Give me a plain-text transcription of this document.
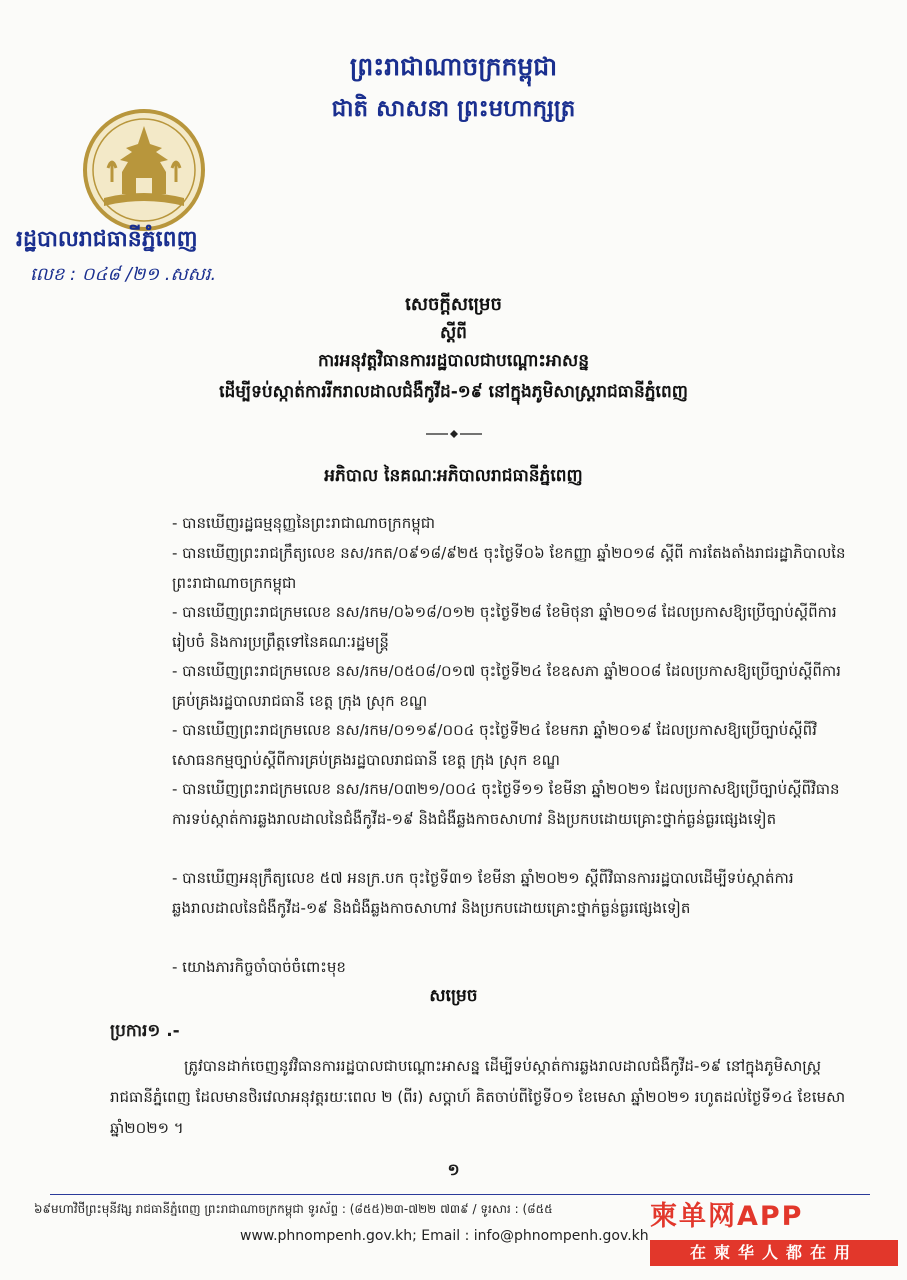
ព្រះរាជាណាចក្រកម្ពុជា
ជាតិ សាសនា ព្រះមហាក្សត្រ
រដ្ឋបាលរាជធានីភ្នំពេញ
លេខ : ០៤៨ /២១ .សសរ.
សេចក្ដីសម្រេច
ស្ដីពី
ការអនុវត្តវិធានការរដ្ឋបាលជាបណ្ដោះអាសន្ន
ដើម្បីទប់ស្កាត់ការរីករាលដាលជំងឺកូវីដ-១៩ នៅក្នុងភូមិសាស្ត្ររាជធានីភ្នំពេញ
អភិបាល នៃគណៈអភិបាលរាជធានីភ្នំពេញ
- បានឃើញរដ្ឋធម្មនុញ្ញនៃព្រះរាជាណាចក្រកម្ពុជា
- បានឃើញព្រះរាជក្រឹត្យលេខ នស/រកត/០៩១៨/៩២៥ ចុះថ្ងៃទី០៦ ខែកញ្ញា ឆ្នាំ២០១៨ ស្ដីពី ការតែងតាំងរាជរដ្ឋាភិបាលនៃព្រះរាជាណាចក្រកម្ពុជា
- បានឃើញព្រះរាជក្រមលេខ នស/រកម/០៦១៨/០១២ ចុះថ្ងៃទី២៨ ខែមិថុនា ឆ្នាំ២០១៨ ដែលប្រកាសឱ្យប្រើច្បាប់ស្ដីពីការរៀបចំ និងការប្រព្រឹត្តទៅនៃគណៈរដ្ឋមន្ត្រី
- បានឃើញព្រះរាជក្រមលេខ នស/រកម/០៥០៨/០១៧ ចុះថ្ងៃទី២៤ ខែឧសភា ឆ្នាំ២០០៨ ដែលប្រកាសឱ្យប្រើច្បាប់ស្ដីពីការគ្រប់គ្រងរដ្ឋបាលរាជធានី ខេត្ត ក្រុង ស្រុក ខណ្ឌ
- បានឃើញព្រះរាជក្រមលេខ នស/រកម/០១១៩/០០៤ ចុះថ្ងៃទី២៤ ខែមករា ឆ្នាំ២០១៩ ដែលប្រកាសឱ្យប្រើច្បាប់ស្ដីពីវិសោធនកម្មច្បាប់ស្ដីពីការគ្រប់គ្រងរដ្ឋបាលរាជធានី ខេត្ត ក្រុង ស្រុក ខណ្ឌ
- បានឃើញព្រះរាជក្រមលេខ នស/រកម/០៣២១/០០៤ ចុះថ្ងៃទី១១ ខែមីនា ឆ្នាំ២០២១ ដែលប្រកាសឱ្យប្រើច្បាប់ស្ដីពីវិធានការទប់ស្កាត់ការឆ្លងរាលដាលនៃជំងឺកូវីដ-១៩ និងជំងឺឆ្លងកាចសាហាវ និងប្រកបដោយគ្រោះថ្នាក់ធ្ងន់ធ្ងរផ្សេងទៀត
- បានឃើញអនុក្រឹត្យលេខ ៥៧ អនក្រ.បក ចុះថ្ងៃទី៣១ ខែមីនា ឆ្នាំ២០២១ ស្ដីពីវិធានការរដ្ឋបាលដើម្បីទប់ស្កាត់ការឆ្លងរាលដាលនៃជំងឺកូវីដ-១៩ និងជំងឺឆ្លងកាចសាហាវ និងប្រកបដោយគ្រោះថ្នាក់ធ្ងន់ធ្ងរផ្សេងទៀត
- យោងភារកិច្ចចាំបាច់ចំពោះមុខ
សម្រេច
ប្រការ១ .-
ត្រូវបានដាក់ចេញនូវវិធានការរដ្ឋបាលជាបណ្ដោះអាសន្ន ដើម្បីទប់ស្កាត់ការឆ្លងរាលដាលជំងឺកូវីដ-១៩ នៅក្នុងភូមិសាស្ត្ររាជធានីភ្នំពេញ ដែលមានថិរវេលាអនុវត្តរយៈពេល ២ (ពីរ) សប្ដាហ៍ គិតចាប់ពីថ្ងៃទី០១ ខែមេសា ឆ្នាំ២០២១ រហូតដល់ថ្ងៃទី១៤ ខែមេសា ឆ្នាំ២០២១ ។
១
៦៩មហាវិថីព្រះមុនីវង្ស រាជធានីភ្នំពេញ ព្រះរាជាណាចក្រកម្ពុជា ទូរស័ព្ទ : (៨៥៥)២៣-៧២២ ៧៣៩ / ទូរសារ : (៨៥៥
www.phnompenh.gov.kh; Email : info@phnompenh.gov.kh
柬单网APP
在柬华人都在用
